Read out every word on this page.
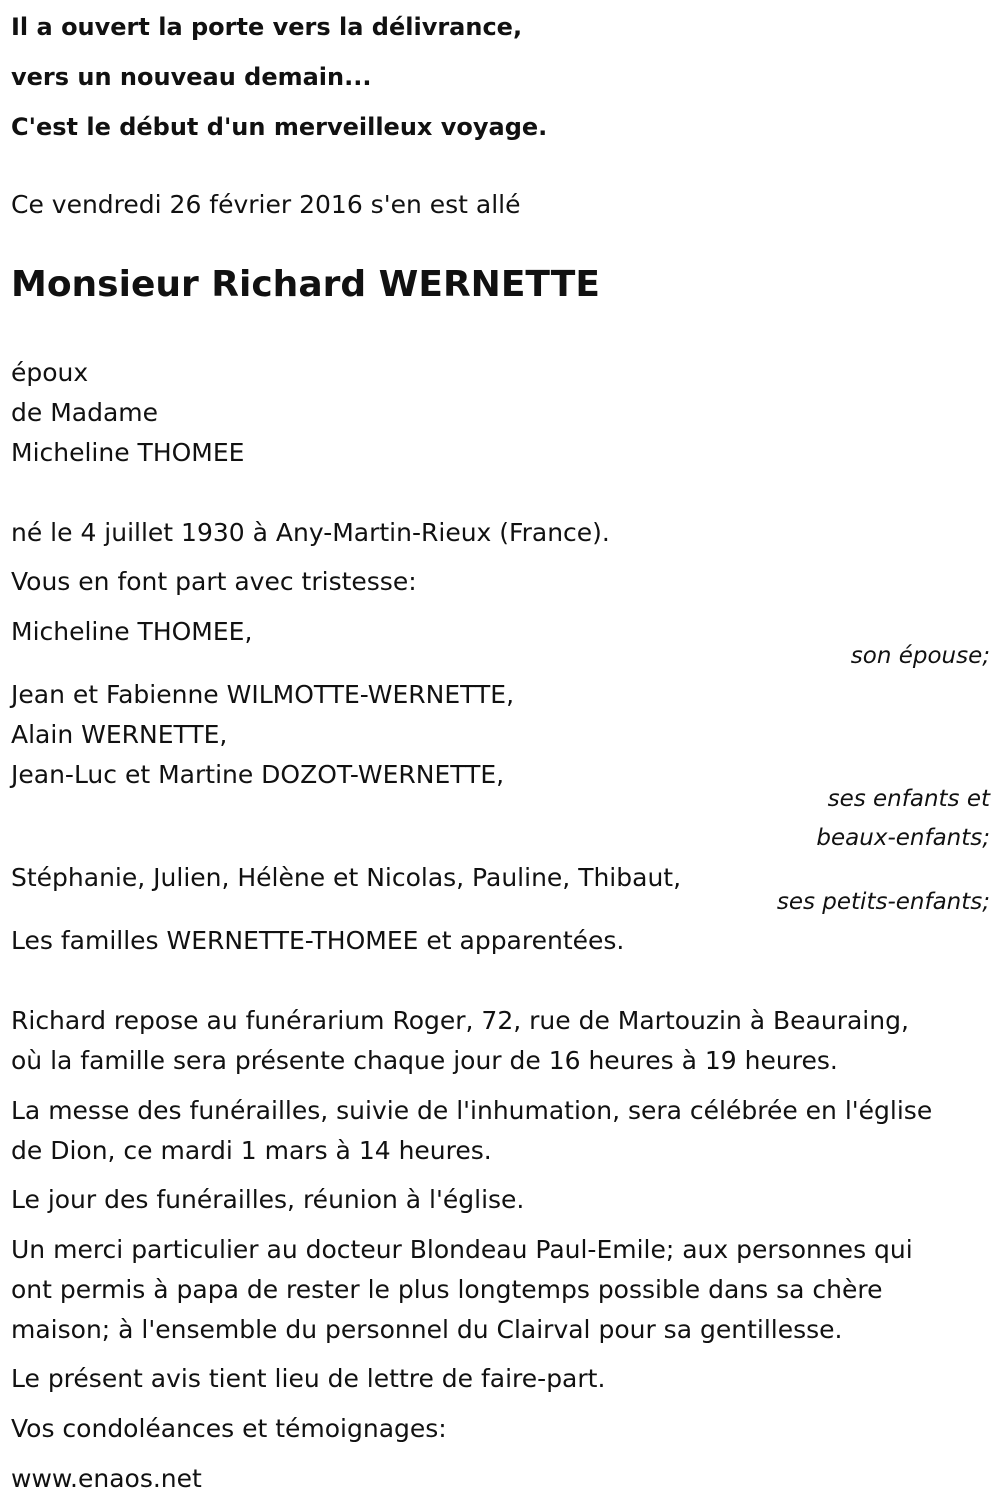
Il a ouvert la porte vers la délivrance,

vers un nouveau demain...

C'est le début d'un merveilleux voyage.

Ce vendredi 26 février 2016 s'en est allé

Monsieur Richard WERNETTE

époux

de Madame

Micheline THOMEE

né le 4 juillet 1930 à Any-Martin-Rieux (France).

Vous en font part avec tristesse:

Micheline THOMEE,

son épouse;

Jean et Fabienne WILMOTTE-WERNETTE,

Alain WERNETTE,

Jean-Luc et Martine DOZOT-WERNETTE,

ses enfants et

beaux-enfants;

Stéphanie, Julien, Hélène et Nicolas, Pauline, Thibaut,

ses petits-enfants;

Les familles WERNETTE-THOMEE et apparentées.

Richard repose au funérarium Roger, 72, rue de Martouzin à Beauraing,

où la famille sera présente chaque jour de 16 heures à 19 heures.

La messe des funérailles, suivie de l'inhumation, sera célébrée en l'église

de Dion, ce mardi 1 mars à 14 heures.

Le jour des funérailles, réunion à l'église.

Un merci particulier au docteur Blondeau Paul-Emile; aux personnes qui

ont permis à papa de rester le plus longtemps possible dans sa chère

maison; à l'ensemble du personnel du Clairval pour sa gentillesse.

Le présent avis tient lieu de lettre de faire-part.

Vos condoléances et témoignages:

www.enaos.net
